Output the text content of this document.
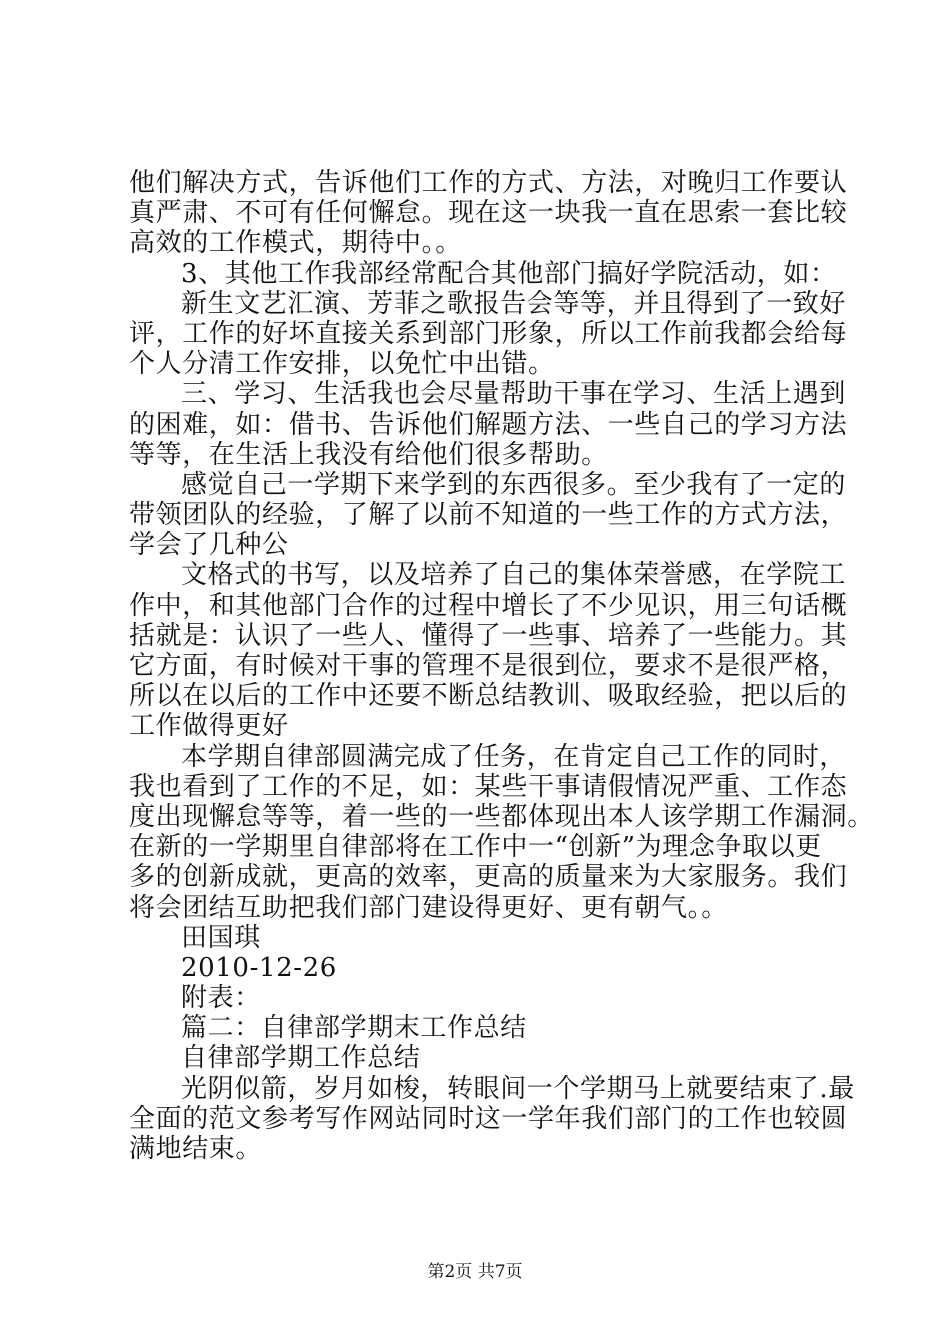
他们解决方式，告诉他们工作的方式、方法，对晚归工作要认
真严肃、不可有任何懈怠。现在这一块我一直在思索一套比较
高效的工作模式，期待中。。
3、其他工作我部经常配合其他部门搞好学院活动，如：
新生文艺汇演、芳菲之歌报告会等等，并且得到了一致好
评，工作的好坏直接关系到部门形象，所以工作前我都会给每
个人分清工作安排，以免忙中出错。
三、学习、生活我也会尽量帮助干事在学习、生活上遇到
的困难，如：借书、告诉他们解题方法、一些自己的学习方法
等等，在生活上我没有给他们很多帮助。
感觉自己一学期下来学到的东西很多。至少我有了一定的
带领团队的经验，了解了以前不知道的一些工作的方式方法，
学会了几种公
文格式的书写，以及培养了自己的集体荣誉感，在学院工
作中，和其他部门合作的过程中增长了不少见识，用三句话概
括就是：认识了一些人、懂得了一些事、培养了一些能力。其
它方面，有时候对干事的管理不是很到位，要求不是很严格，
所以在以后的工作中还要不断总结教训、吸取经验，把以后的
工作做得更好
本学期自律部圆满完成了任务，在肯定自己工作的同时，
我也看到了工作的不足，如：某些干事请假情况严重、工作态
度出现懈怠等等，着一些的一些都体现出本人该学期工作漏洞。
在新的一学期里自律部将在工作中一“创新”为理念争取以更
多的创新成就，更高的效率，更高的质量来为大家服务。我们
将会团结互助把我们部门建设得更好、更有朝气。。
田国琪
2010-12-26
附表：
篇二：自律部学期末工作总结
自律部学期工作总结
光阴似箭，岁月如梭，转眼间一个学期马上就要结束了.最
全面的范文参考写作网站同时这一学年我们部门的工作也较圆
满地结束。
第2页 共7页
